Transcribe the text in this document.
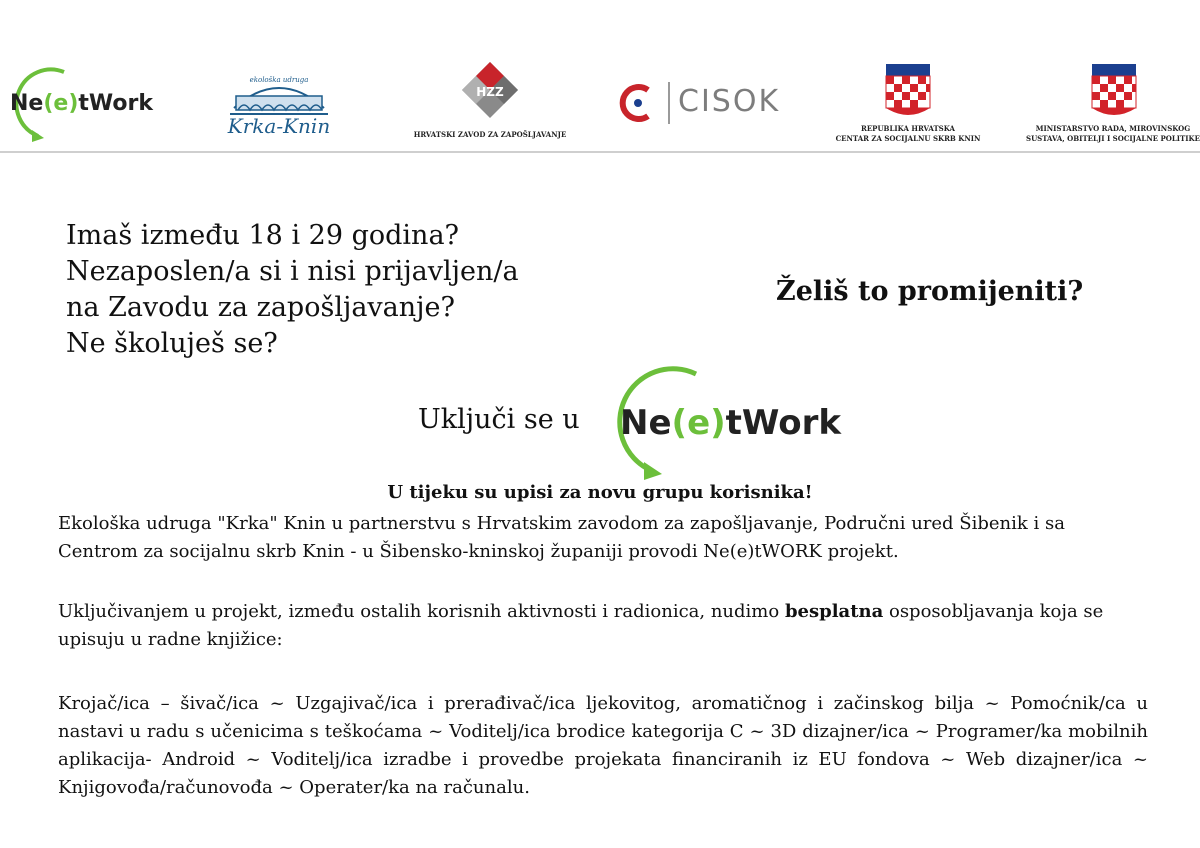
Ne(e)tWork
ekološka udruga
Krka-Knin
HZZ
HRVATSKI ZAVOD ZA ZAPOŠLJAVANJE
CISOK
REPUBLIKA HRVATSKA
CENTAR ZA SOCIJALNU SKRB KNIN
MINISTARSTVO RADA, MIROVINSKOG
SUSTAVA, OBITELJI I SOCIJALNE POLITIKE
Imaš između 18 i 29 godina?
Nezaposlen/a si i nisi prijavljen/a
na Zavodu za zapošljavanje?
Ne školuješ se?
Želiš to promijeniti?
Uključi se u Ne(e)tWork
U tijeku su upisi za novu grupu korisnika!
Ekološka udruga "Krka" Knin u partnerstvu s Hrvatskim zavodom za zapošljavanje, Područni ured Šibenik i sa Centrom za socijalnu skrb Knin - u Šibensko-kninskoj županiji provodi Ne(e)tWORK projekt.
Uključivanjem u projekt, između ostalih korisnih aktivnosti i radionica, nudimo besplatna osposobljavanja koja se upisuju u radne knjižice:
Krojač/ica – šivač/ica ~ Uzgajivač/ica i prerađivač/ica ljekovitog, aromatičnog i začinskog bilja ~ Pomoćnik/ca u nastavi u radu s učenicima s teškoćama ~ Voditelj/ica brodice kategorija C ~ 3D dizajner/ica ~ Programer/ka mobilnih aplikacija- Android ~ Voditelj/ica izradbe i provedbe projekata financiranih iz EU fondova ~ Web dizajner/ica ~ Knjigovođa/računovođa ~ Operater/ka na računalu.
